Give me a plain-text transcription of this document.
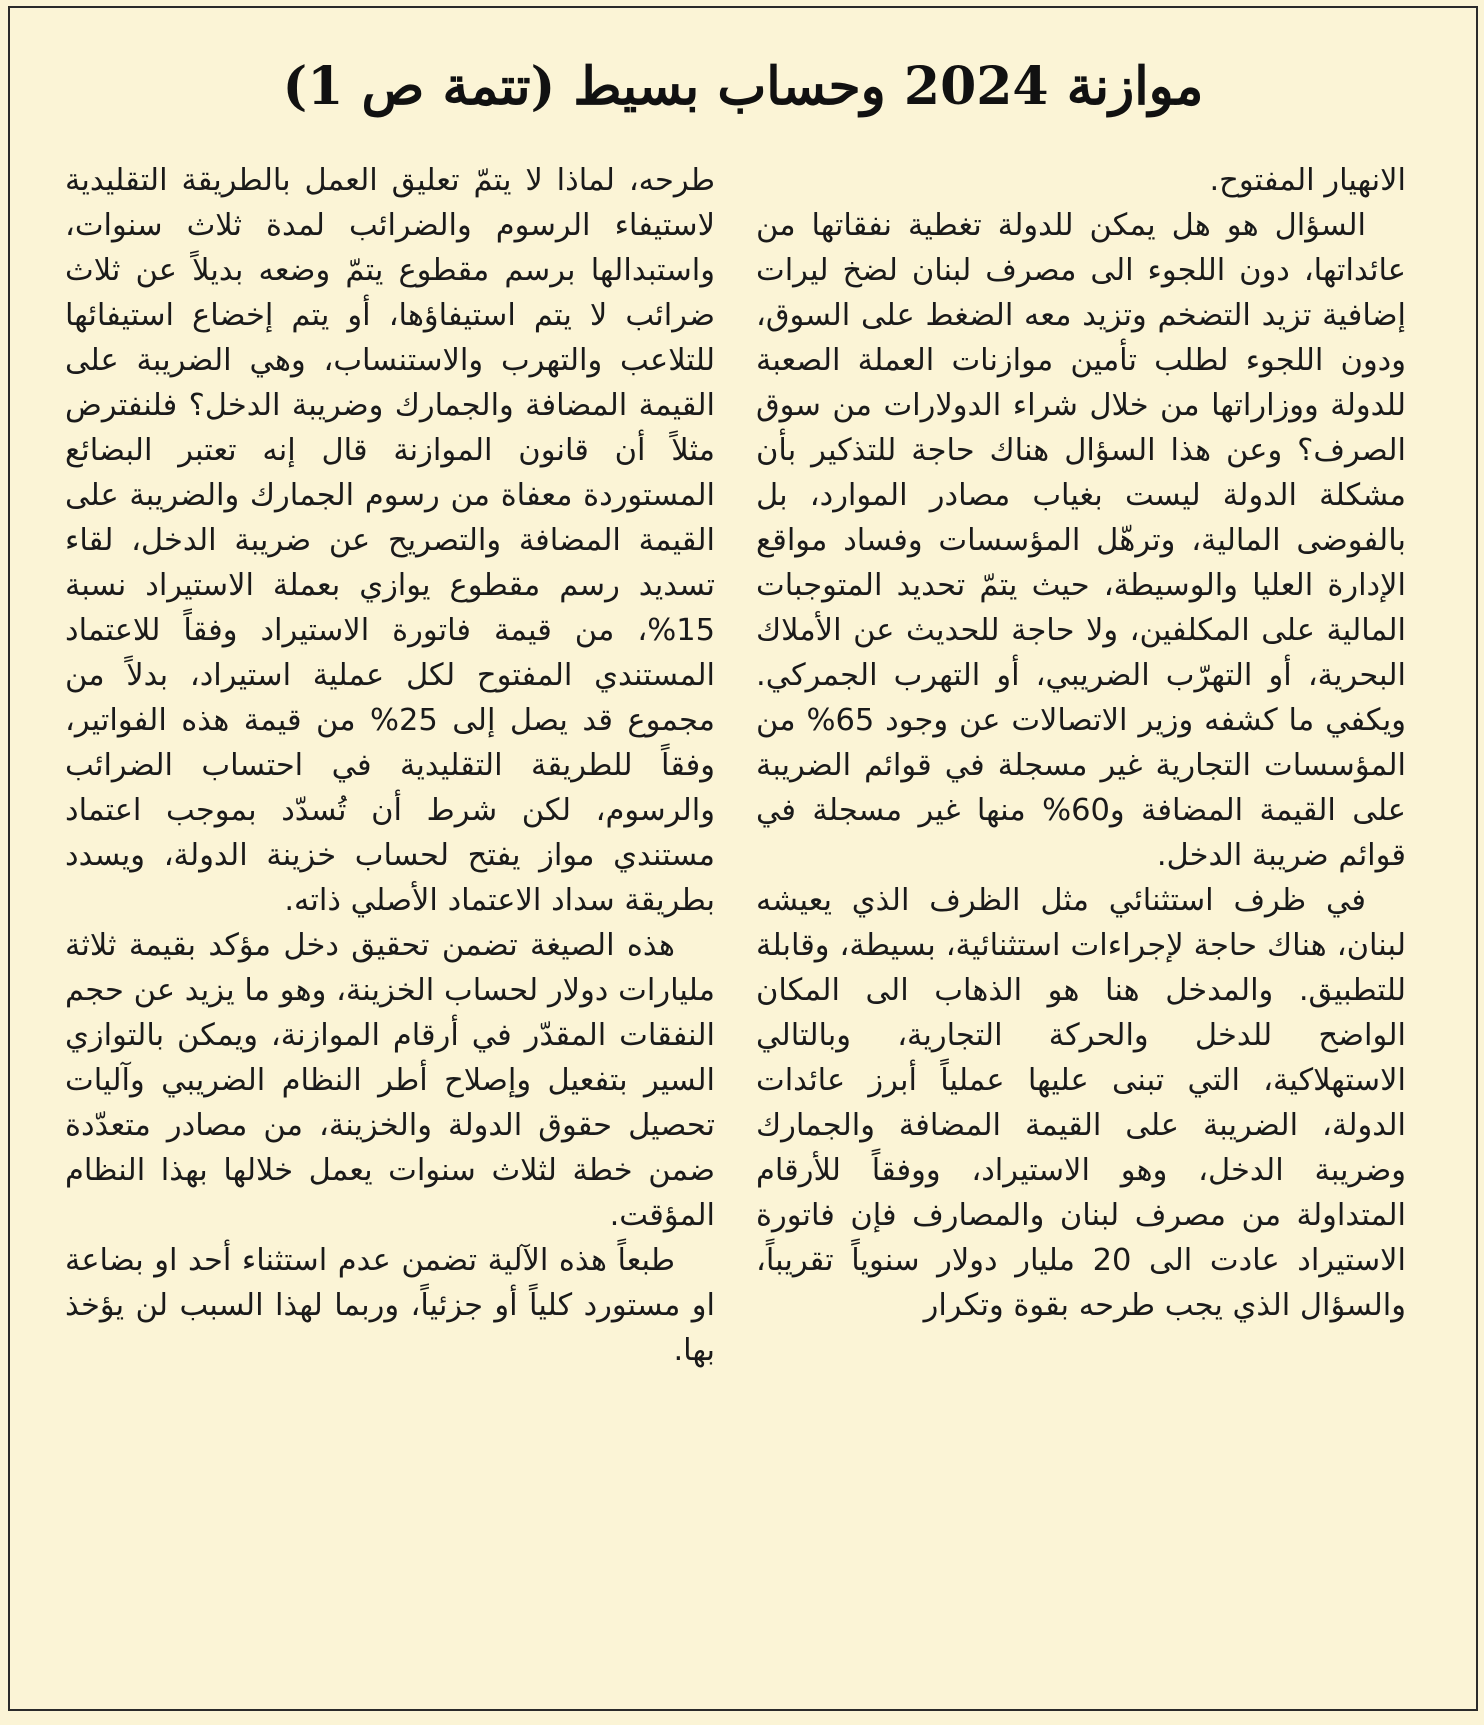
موازنة 2024 وحساب بسيط (تتمة ص 1)

الانهيار المفتوح.

السؤال هو هل يمكن للدولة تغطية نفقاتها من عائداتها، دون اللجوء الى مصرف لبنان لضخ ليرات إضافية تزيد التضخم وتزيد معه الضغط على السوق، ودون اللجوء لطلب تأمين موازنات العملة الصعبة للدولة ووزاراتها من خلال شراء الدولارات من سوق الصرف؟ وعن هذا السؤال هناك حاجة للتذكير بأن مشكلة الدولة ليست بغياب مصادر الموارد، بل بالفوضى المالية، وترهّل المؤسسات وفساد مواقع الإدارة العليا والوسيطة، حيث يتمّ تحديد المتوجبات المالية على المكلفين، ولا حاجة للحديث عن الأملاك البحرية، أو التهرّب الضريبي، أو التهرب الجمركي. ويكفي ما كشفه وزير الاتصالات عن وجود 65% من المؤسسات التجارية غير مسجلة في قوائم الضريبة على القيمة المضافة و60% منها غير مسجلة في قوائم ضريبة الدخل.

في ظرف استثنائي مثل الظرف الذي يعيشه لبنان، هناك حاجة لإجراءات استثنائية، بسيطة، وقابلة للتطبيق. والمدخل هنا هو الذهاب الى المكان الواضح للدخل والحركة التجارية، وبالتالي الاستهلاكية، التي تبنى عليها عملياً أبرز عائدات الدولة، الضريبة على القيمة المضافة والجمارك وضريبة الدخل، وهو الاستيراد، ووفقاً للأرقام المتداولة من مصرف لبنان والمصارف فإن فاتورة الاستيراد عادت الى 20 مليار دولار سنوياً تقريباً، والسؤال الذي يجب طرحه بقوة وتكرار

طرحه، لماذا لا يتمّ تعليق العمل بالطريقة التقليدية لاستيفاء الرسوم والضرائب لمدة ثلاث سنوات، واستبدالها برسم مقطوع يتمّ وضعه بديلاً عن ثلاث ضرائب لا يتم استيفاؤها، أو يتم إخضاع استيفائها للتلاعب والتهرب والاستنساب، وهي الضريبة على القيمة المضافة والجمارك وضريبة الدخل؟ فلنفترض مثلاً أن قانون الموازنة قال إنه تعتبر البضائع المستوردة معفاة من رسوم الجمارك والضريبة على القيمة المضافة والتصريح عن ضريبة الدخل، لقاء تسديد رسم مقطوع يوازي بعملة الاستيراد نسبة 15%، من قيمة فاتورة الاستيراد وفقاً للاعتماد المستندي المفتوح لكل عملية استيراد، بدلاً من مجموع قد يصل إلى 25% من قيمة هذه الفواتير، وفقاً للطريقة التقليدية في احتساب الضرائب والرسوم، لكن شرط أن تُسدّد بموجب اعتماد مستندي مواز يفتح لحساب خزينة الدولة، ويسدد بطريقة سداد الاعتماد الأصلي ذاته.

هذه الصيغة تضمن تحقيق دخل مؤكد بقيمة ثلاثة مليارات دولار لحساب الخزينة، وهو ما يزيد عن حجم النفقات المقدّر في أرقام الموازنة، ويمكن بالتوازي السير بتفعيل وإصلاح أطر النظام الضريبي وآليات تحصيل حقوق الدولة والخزينة، من مصادر متعدّدة ضمن خطة لثلاث سنوات يعمل خلالها بهذا النظام المؤقت.

طبعاً هذه الآلية تضمن عدم استثناء أحد او بضاعة او مستورد كلياً أو جزئياً، وربما لهذا السبب لن يؤخذ بها.
